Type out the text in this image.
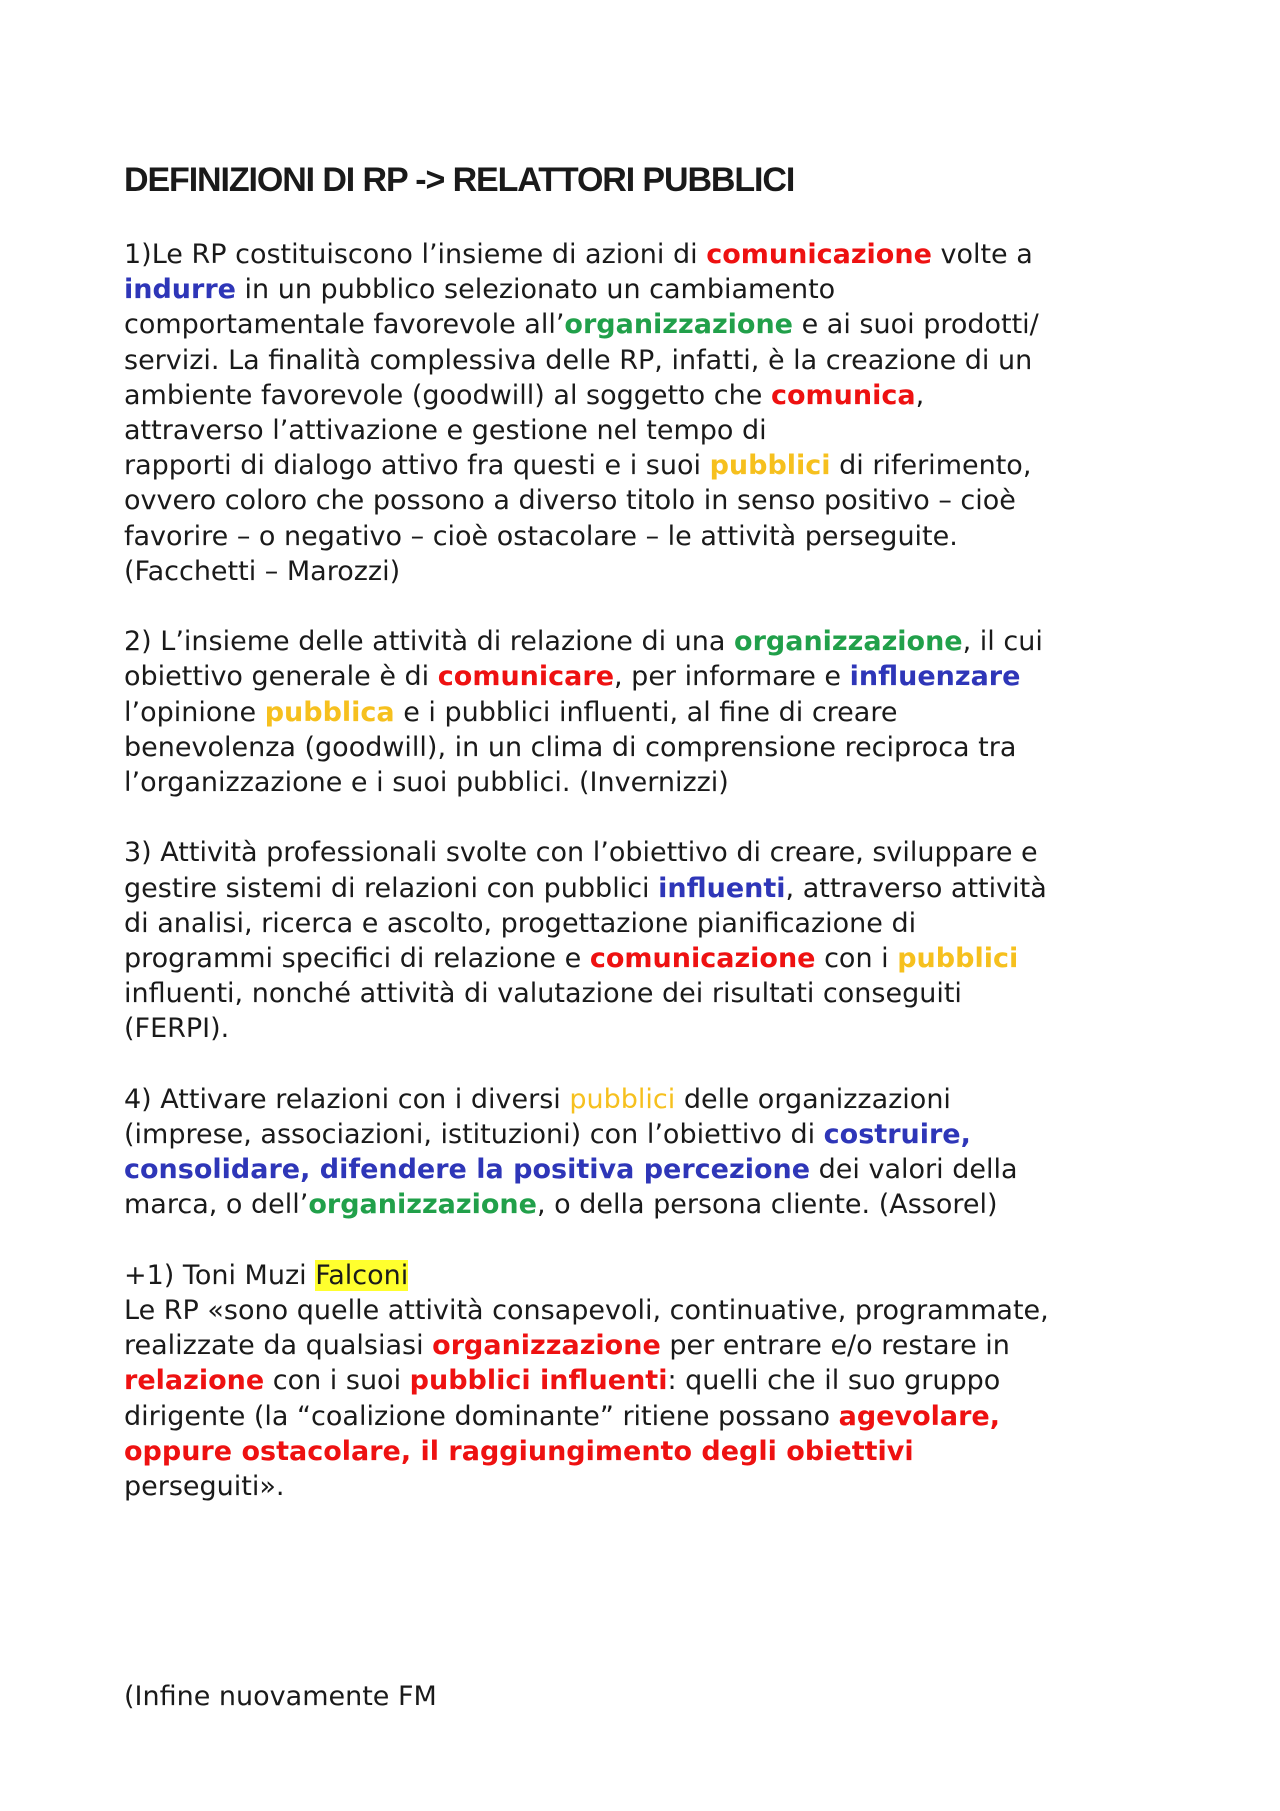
DEFINIZIONI DI RP -> RELATTORI PUBBLICI

1)Le RP costituiscono l’insieme di azioni di comunicazione volte a

indurre in un pubblico selezionato un cambiamento

comportamentale favorevole all’organizzazione e ai suoi prodotti/

servizi. La finalità complessiva delle RP, infatti, è la creazione di un

ambiente favorevole (goodwill) al soggetto che comunica,

attraverso l’attivazione e gestione nel tempo di

rapporti di dialogo attivo fra questi e i suoi pubblici di riferimento,

ovvero coloro che possono a diverso titolo in senso positivo – cioè

favorire – o negativo – cioè ostacolare – le attività perseguite.

(Facchetti – Marozzi)

2) L’insieme delle attività di relazione di una organizzazione, il cui

obiettivo generale è di comunicare, per informare e influenzare

l’opinione pubblica e i pubblici influenti, al fine di creare

benevolenza (goodwill), in un clima di comprensione reciproca tra

l’organizzazione e i suoi pubblici. (Invernizzi)

3) Attività professionali svolte con l’obiettivo di creare, sviluppare e

gestire sistemi di relazioni con pubblici influenti, attraverso attività

di analisi, ricerca e ascolto, progettazione pianificazione di

programmi specifici di relazione e comunicazione con i pubblici

influenti, nonché attività di valutazione dei risultati conseguiti

(FERPI).

4) Attivare relazioni con i diversi pubblici delle organizzazioni

(imprese, associazioni, istituzioni) con l’obiettivo di costruire,

consolidare, difendere la positiva percezione dei valori della

marca, o dell’organizzazione, o della persona cliente. (Assorel)

+1) Toni Muzi Falconi

Le RP «sono quelle attività consapevoli, continuative, programmate,

realizzate da qualsiasi organizzazione per entrare e/o restare in

relazione con i suoi pubblici influenti: quelli che il suo gruppo

dirigente (la “coalizione dominante” ritiene possano agevolare,

oppure ostacolare, il raggiungimento degli obiettivi

perseguiti».

(Infine nuovamente FM
